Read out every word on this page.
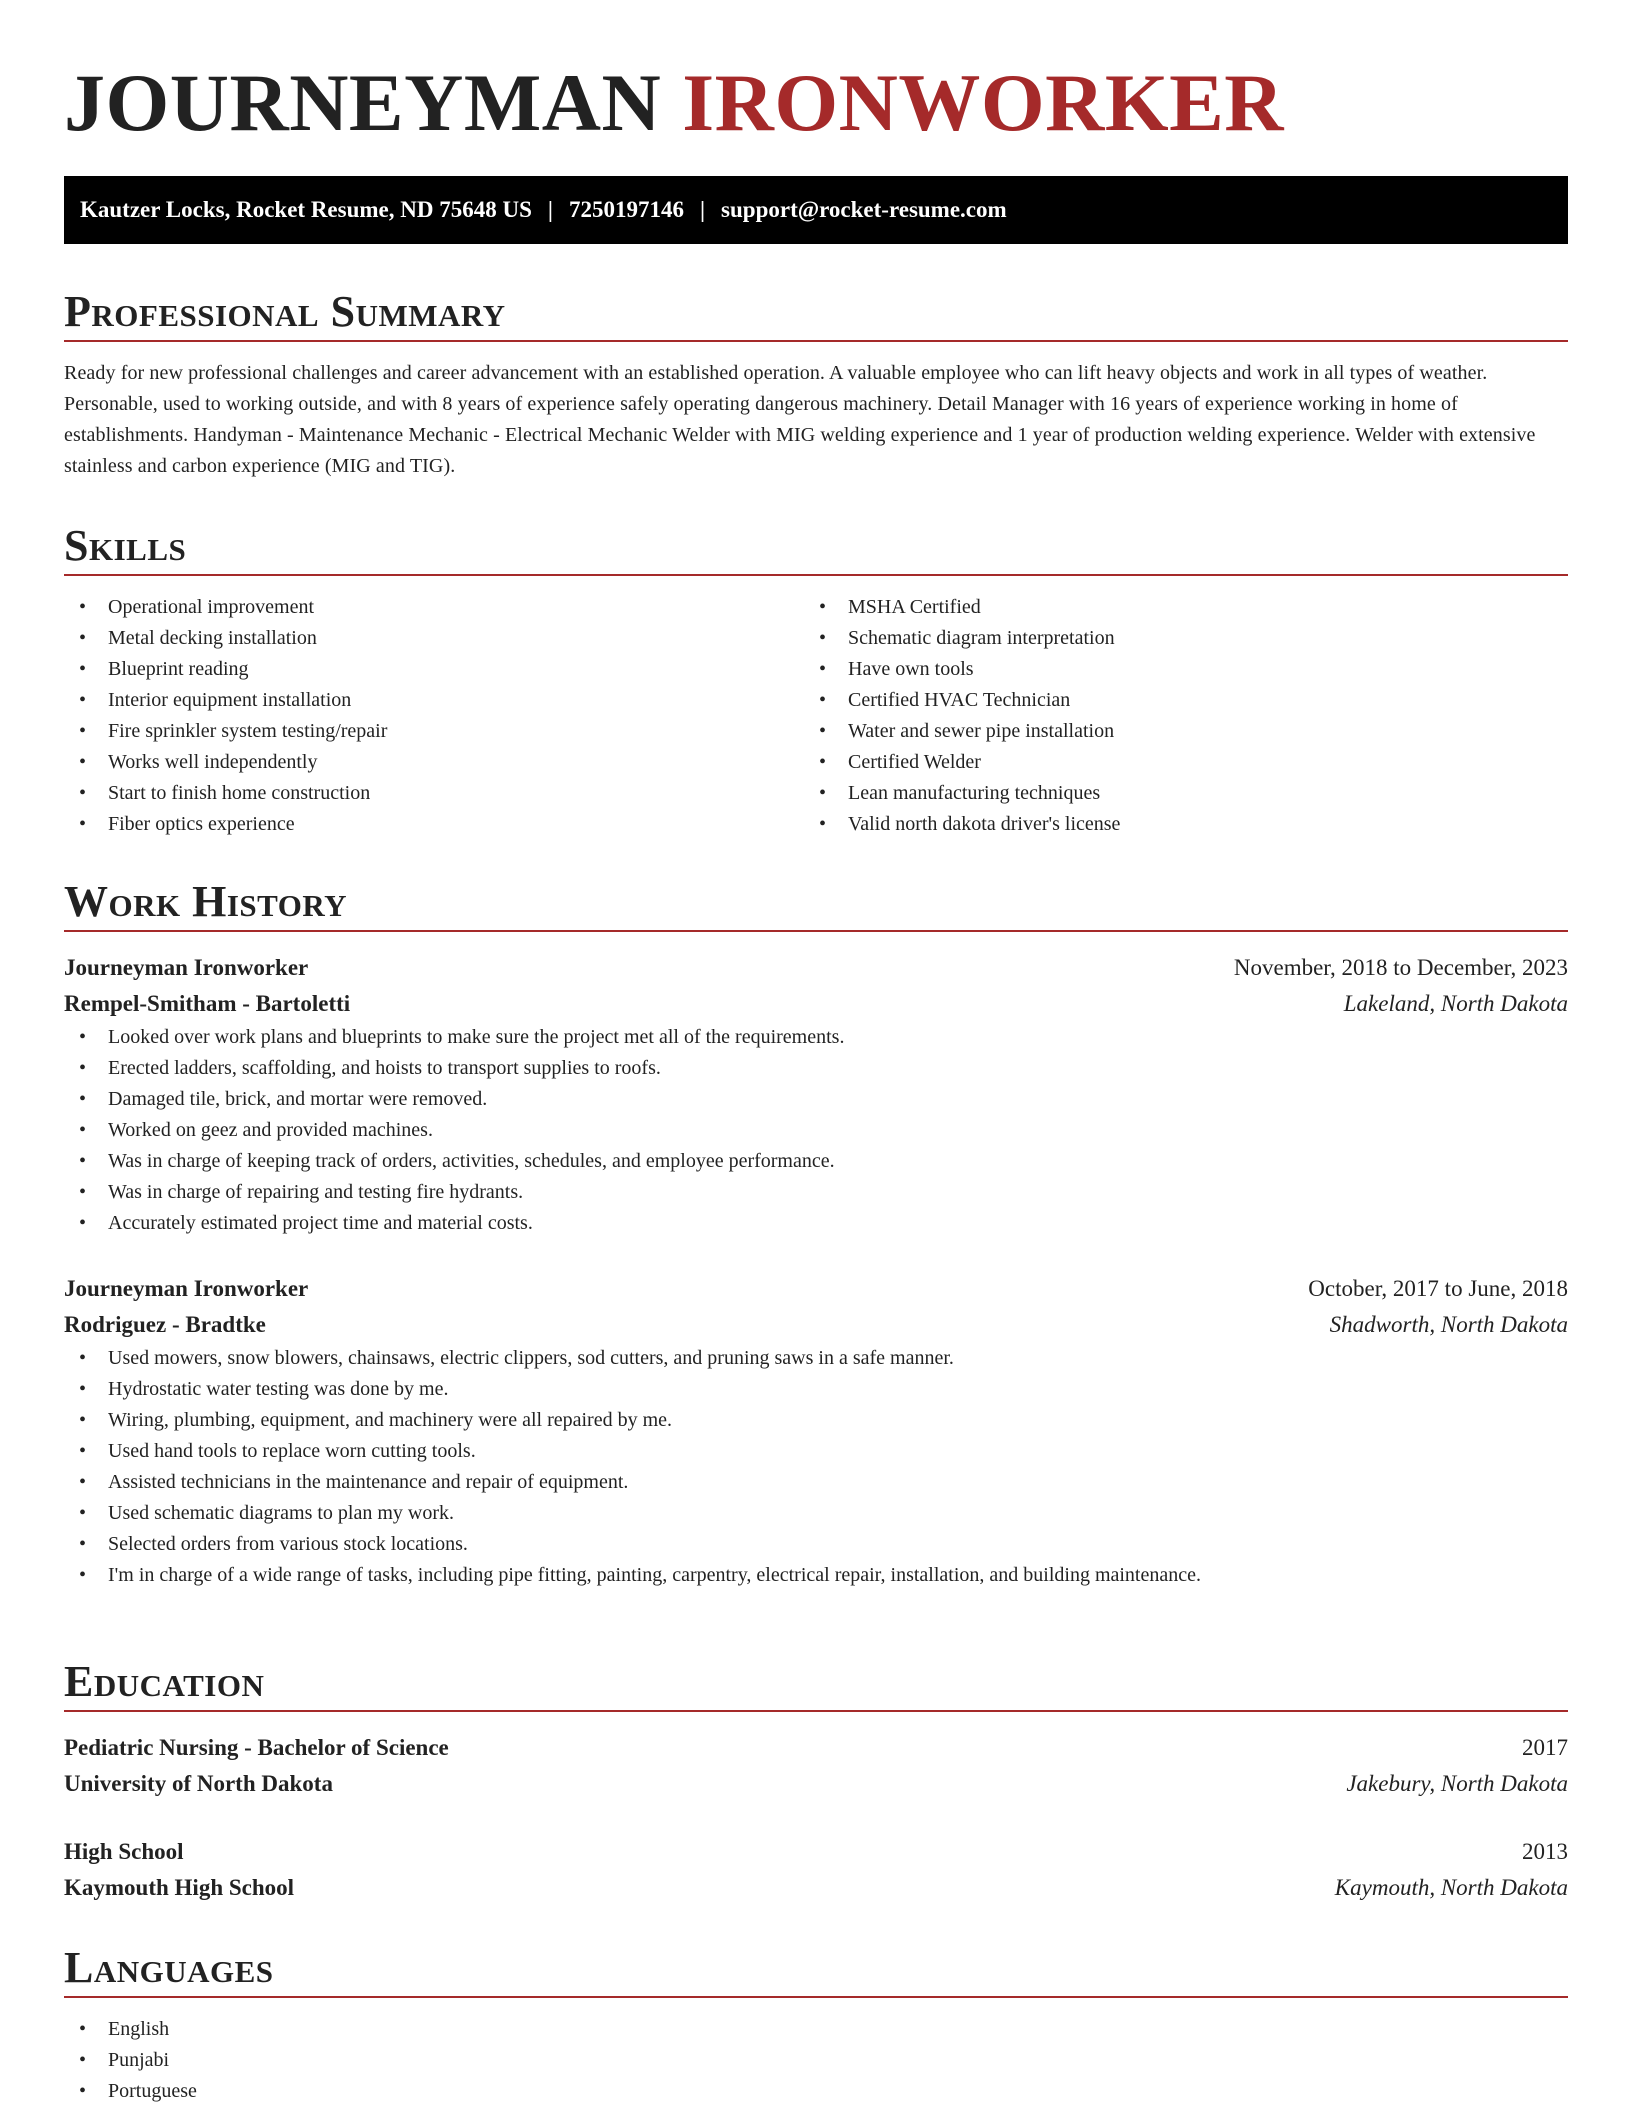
JOURNEYMAN IRONWORKER
Kautzer Locks, Rocket Resume, ND 75648 US | 7250197146 | support@rocket-resume.com
Professional Summary
Ready for new professional challenges and career advancement with an established operation. A valuable employee who can lift heavy objects and work in all types of weather. Personable, used to working outside, and with 8 years of experience safely operating dangerous machinery. Detail Manager with 16 years of experience working in home of establishments. Handyman - Maintenance Mechanic - Electrical Mechanic Welder with MIG welding experience and 1 year of production welding experience. Welder with extensive stainless and carbon experience (MIG and TIG).
Skills
• Operational improvement
• Metal decking installation
• Blueprint reading
• Interior equipment installation
• Fire sprinkler system testing/repair
• Works well independently
• Start to finish home construction
• Fiber optics experience
• MSHA Certified
• Schematic diagram interpretation
• Have own tools
• Certified HVAC Technician
• Water and sewer pipe installation
• Certified Welder
• Lean manufacturing techniques
• Valid north dakota driver's license
Work History
Journeyman Ironworker	November, 2018 to December, 2023
Rempel-Smitham - Bartoletti	Lakeland, North Dakota
• Looked over work plans and blueprints to make sure the project met all of the requirements.
• Erected ladders, scaffolding, and hoists to transport supplies to roofs.
• Damaged tile, brick, and mortar were removed.
• Worked on geez and provided machines.
• Was in charge of keeping track of orders, activities, schedules, and employee performance.
• Was in charge of repairing and testing fire hydrants.
• Accurately estimated project time and material costs.
Journeyman Ironworker	October, 2017 to June, 2018
Rodriguez - Bradtke	Shadworth, North Dakota
• Used mowers, snow blowers, chainsaws, electric clippers, sod cutters, and pruning saws in a safe manner.
• Hydrostatic water testing was done by me.
• Wiring, plumbing, equipment, and machinery were all repaired by me.
• Used hand tools to replace worn cutting tools.
• Assisted technicians in the maintenance and repair of equipment.
• Used schematic diagrams to plan my work.
• Selected orders from various stock locations.
• I'm in charge of a wide range of tasks, including pipe fitting, painting, carpentry, electrical repair, installation, and building maintenance.
Education
Pediatric Nursing - Bachelor of Science	2017
University of North Dakota	Jakebury, North Dakota
High School	2013
Kaymouth High School	Kaymouth, North Dakota
Languages
• English
• Punjabi
• Portuguese
